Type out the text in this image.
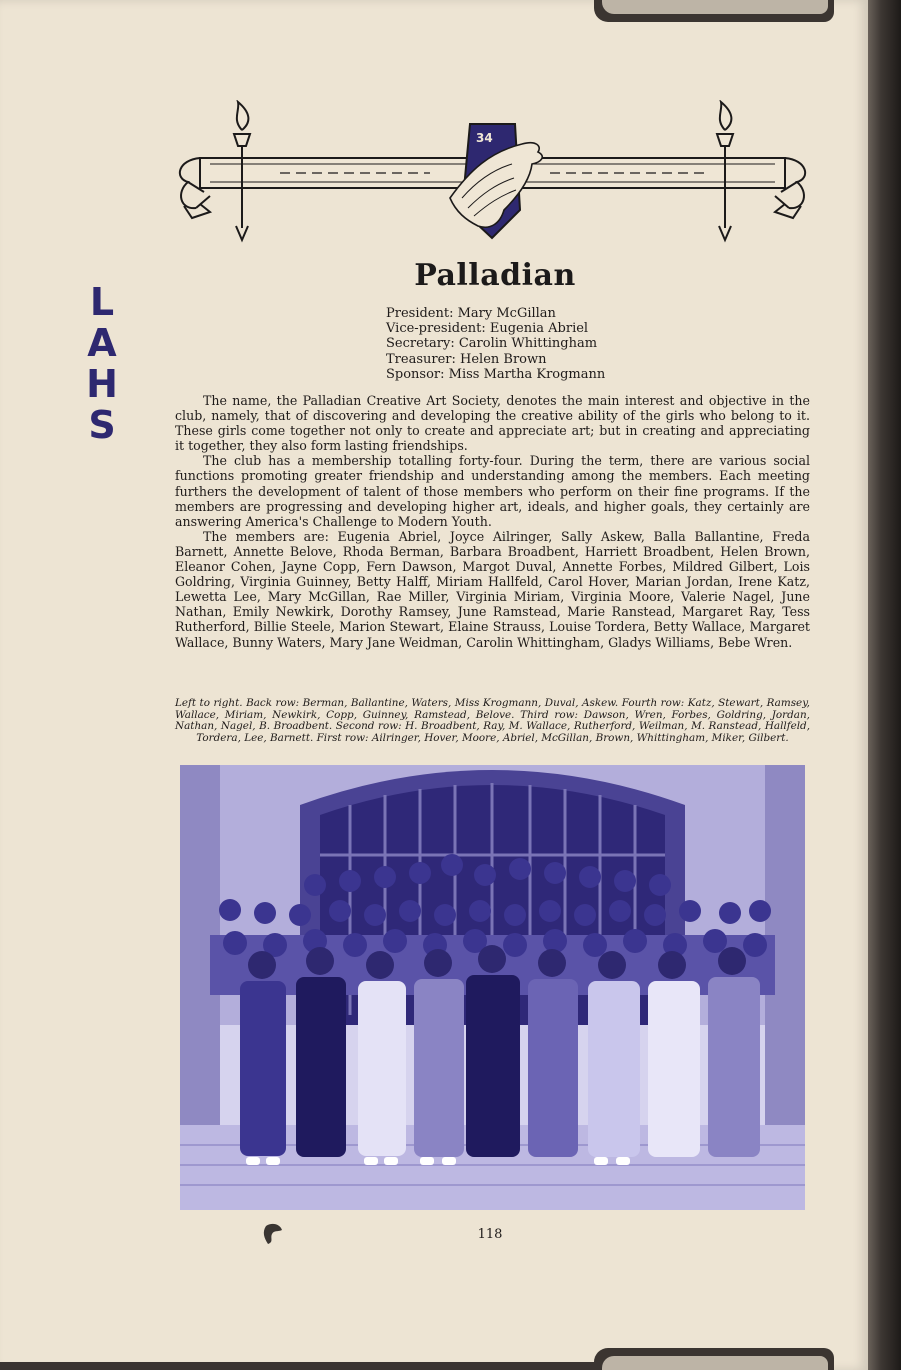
34
L
A
H
S
Palladian
President: Mary McGillan
Vice-president: Eugenia Abriel
Secretary: Carolin Whittingham
Treasurer: Helen Brown
Sponsor: Miss Martha Krogmann

The name, the Palladian Creative Art Society, denotes the main interest and objective in the club, namely, that of discovering and developing the creative ability of the girls who belong to it. These girls come together not only to create and appreciate art; but in creating and appreciating it together, they also form lasting friendships.

The club has a membership totalling forty-four. During the term, there are various social functions promoting greater friendship and understanding among the members. Each meeting furthers the development of talent of those members who perform on their fine programs. If the members are progressing and developing higher art, ideals, and higher goals, they certainly are answering America's Challenge to Modern Youth.

The members are: Eugenia Abriel, Joyce Ailringer, Sally Askew, Balla Ballantine, Freda Barnett, Annette Belove, Rhoda Berman, Barbara Broadbent, Harriett Broadbent, Helen Brown, Eleanor Cohen, Jayne Copp, Fern Dawson, Margot Duval, Annette Forbes, Mildred Gilbert, Lois Goldring, Virginia Guinney, Betty Halff, Miriam Hallfeld, Carol Hover, Marian Jordan, Irene Katz, Lewetta Lee, Mary McGillan, Rae Miller, Virginia Miriam, Virginia Moore, Valerie Nagel, June Nathan, Emily Newkirk, Dorothy Ramsey, June Ramstead, Marie Ranstead, Margaret Ray, Tess Rutherford, Billie Steele, Marion Stewart, Elaine Strauss, Louise Tordera, Betty Wallace, Margaret Wallace, Bunny Waters, Mary Jane Weidman, Carolin Whittingham, Gladys Williams, Bebe Wren.

Left to right. Back row: Berman, Ballantine, Waters, Miss Krogmann, Duval, Askew. Fourth row: Katz, Stewart, Ramsey, Wallace, Miriam, Newkirk, Copp, Guinney, Ramstead, Belove. Third row: Dawson, Wren, Forbes, Goldring, Jordan, Nathan, Nagel, B. Broadbent. Second row: H. Broadbent, Ray, M. Wallace, Rutherford, Weilman, M. Ranstead, Hallfeld, Tordera, Lee, Barnett. First row: Ailringer, Hover, Moore, Abriel, McGillan, Brown, Whittingham, Miker, Gilbert.
118
